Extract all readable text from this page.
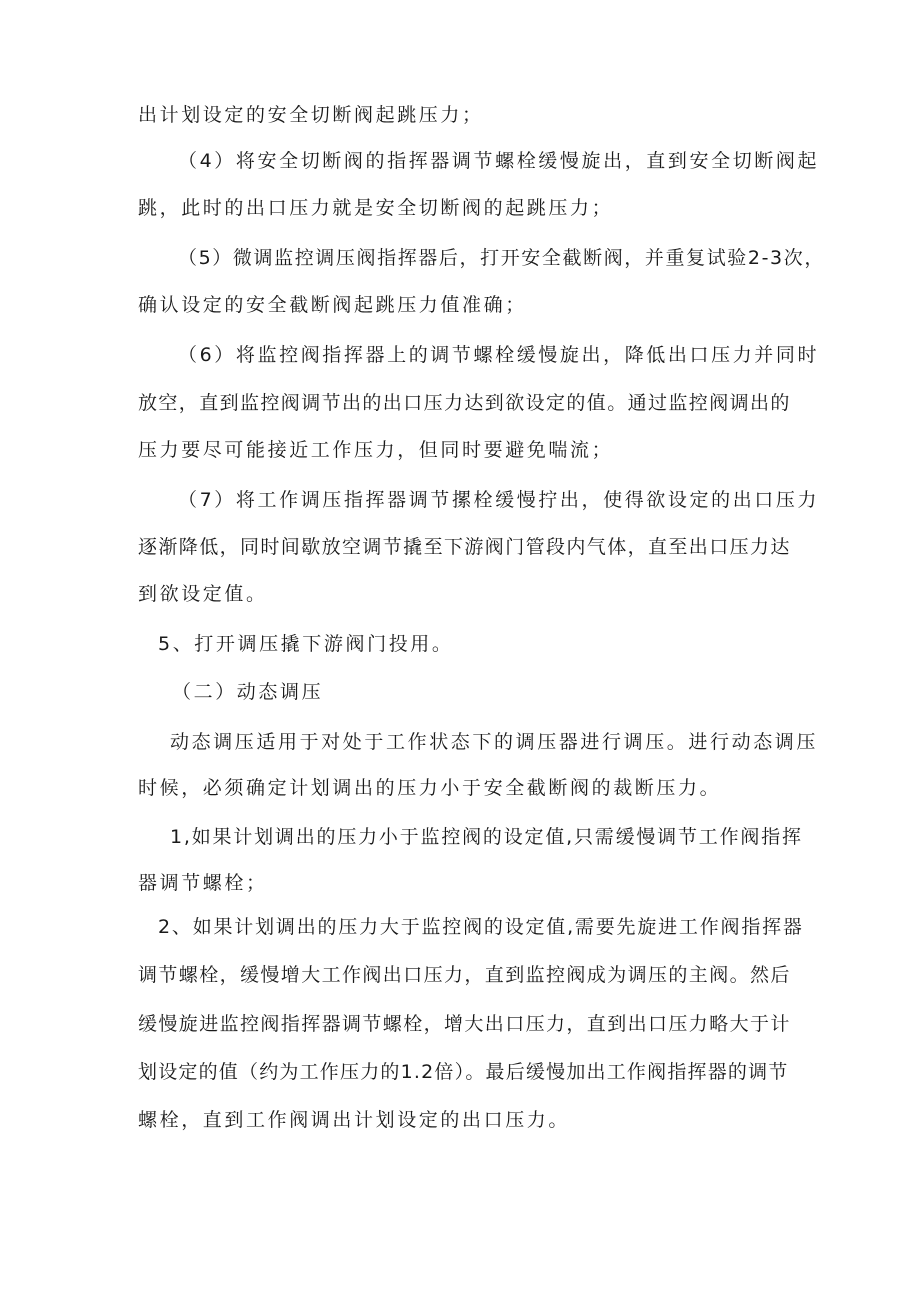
出计划设定的安全切断阀起跳压力；

（4）将安全切断阀的指挥器调节螺栓缓慢旋出，直到安全切断阀起

跳，此时的出口压力就是安全切断阀的起跳压力；

（5）微调监控调压阀指挥器后，打开安全截断阀，并重复试验2-3次，

确认设定的安全截断阀起跳压力值准确；

（6）将监控阀指挥器上的调节螺栓缓慢旋出，降低出口压力并同时

放空，直到监控阀调节出的出口压力达到欲设定的值。通过监控阀调出的

压力要尽可能接近工作压力，但同时要避免喘流；

（7）将工作调压指挥器调节摞栓缓慢拧出，使得欲设定的出口压力

逐渐降低，同时间歇放空调节撬至下游阀门管段内气体，直至出口压力达

到欲设定值。

5、打开调压撬下游阀门投用。

（二）动态调压

动态调压适用于对处于工作状态下的调压器进行调压。进行动态调压

时候，必须确定计划调出的压力小于安全截断阀的裁断压力。

1,如果计划调出的压力小于监控阀的设定值,只需缓慢调节工作阀指挥

器调节螺栓；

2、如果计划调出的压力大于监控阀的设定值,需要先旋进工作阀指挥器

调节螺栓，缓慢增大工作阀出口压力，直到监控阀成为调压的主阀。然后

缓慢旋进监控阀指挥器调节螺栓，增大出口压力，直到出口压力略大于计

划设定的值（约为工作压力的1.2倍）。最后缓慢加出工作阀指挥器的调节

螺栓，直到工作阀调出计划设定的出口压力。
